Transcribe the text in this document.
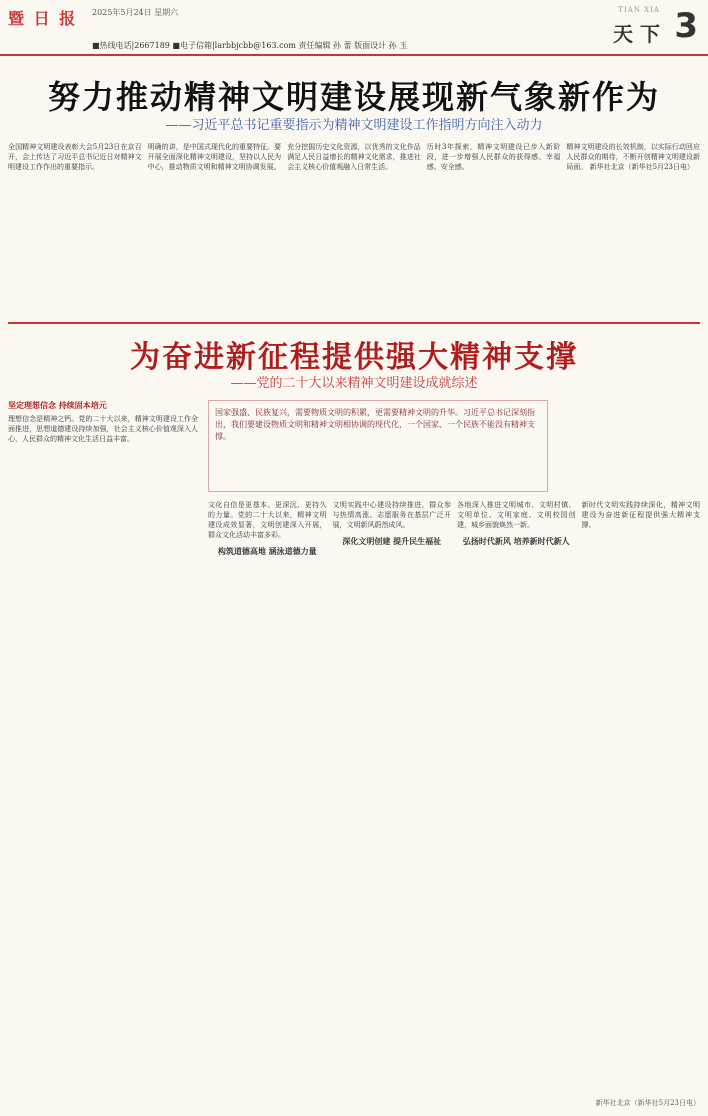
暨 日 报 2025年5月24日 星期六
■热线电话|2667189 ■电子信箱|larbbjcbb@163.com 责任编辑 孙 蕾 版面设计 孙 玉
TIAN XIA
天 下 3
努力推动精神文明建设展现新气象新作为
——习近平总书记重要指示为精神文明建设工作指明方向注入动力
全国精神文明建设表彰大会5月23日在京召开，会上传达了习近平总书记近日对精神文明建设工作作出的重要指示。
明确的讲，是中国式现代化的重要特征。要开展全面深化精神文明建设，坚持以人民为中心，推动物质文明和精神文明协调发展。
充分挖掘历史文化资源，以优秀的文化作品满足人民日益增长的精神文化需求，推进社会主义核心价值观融入日常生活。
历时3年探索，精神文明建设已步入新阶段，进一步增强人民群众的获得感、幸福感、安全感。
精神文明建设的长效机制，以实际行动回应人民群众的期待，不断开创精神文明建设新局面。 新华社北京（新华社5月23日电）
为奋进新征程提供强大精神支撑
——党的二十大以来精神文明建设成就综述
坚定理想信念 持续固本培元
理想信念是精神之钙。党的二十大以来，精神文明建设工作全面推进，思想道德建设持续加强，社会主义核心价值观深入人心，人民群众的精神文化生活日益丰富。
国家强盛、民族复兴，需要物质文明的积累，更需要精神文明的升华。习近平总书记深刻指出，我们要建设物质文明和精神文明相协调的现代化，一个国家、一个民族不能没有精神支撑。
文化自信是更基本、更深沉、更持久的力量。党的二十大以来，精神文明建设成效显著，文明创建深入开展，群众文化活动丰富多彩。
构筑道德高地 涵泳道德力量
文明实践中心建设持续推进，群众参与热情高涨。志愿服务在基层广泛开展，文明新风蔚然成风。
深化文明创建 提升民生福祉
各地深入推进文明城市、文明村镇、文明单位、文明家庭、文明校园创建，城乡面貌焕然一新。
弘扬时代新风 培养新时代新人
新时代文明实践持续深化，精神文明建设为奋进新征程提供强大精神支撑。
新华社北京（新华社5月23日电）
